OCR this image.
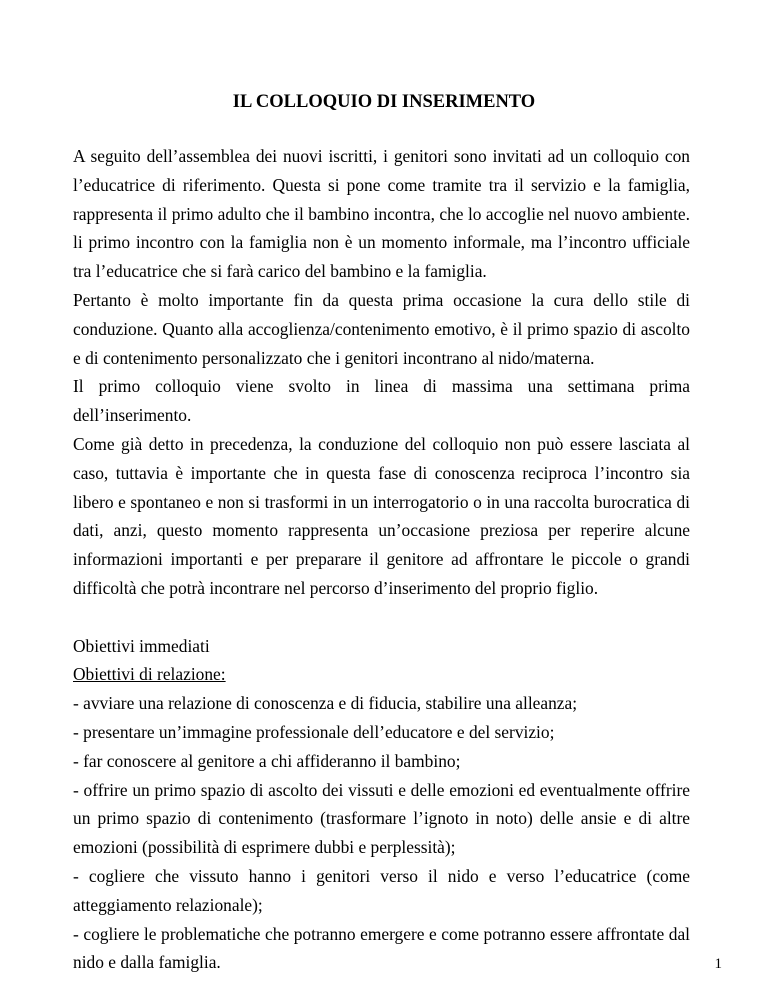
IL COLLOQUIO DI INSERIMENTO

A seguito dell’assemblea dei nuovi iscritti, i genitori sono invitati ad un colloquio con l’educatrice di riferimento. Questa si pone come tramite tra il servizio e la famiglia, rappresenta il primo adulto che il bambino incontra, che lo accoglie nel nuovo ambiente. li primo incontro con la famiglia non è un momento informale, ma l’incontro ufficiale tra l’educatrice che si farà carico del bambino e la famiglia.

Pertanto è molto importante fin da questa prima occasione la cura dello stile di conduzione. Quanto alla accoglienza/contenimento emotivo, è il primo spazio di ascolto e di contenimento personalizzato che i genitori incontrano al nido/materna.

Il primo colloquio viene svolto in linea di massima una settimana prima dell’inserimento.

Come già detto in precedenza, la conduzione del colloquio non può essere lasciata al caso, tuttavia è importante che in questa fase di conoscenza reciproca l’incontro sia libero e spontaneo e non si trasformi in un interrogatorio o in una raccolta burocratica di dati, anzi, questo momento rappresenta un’occasione preziosa per reperire alcune informazioni importanti e per preparare il genitore ad affrontare le piccole o grandi difficoltà che potrà incontrare nel percorso d’inserimento del proprio figlio.

Obiettivi immediati

Obiettivi di relazione:

- avviare una relazione di conoscenza e di fiducia, stabilire una alleanza;

- presentare un’immagine professionale dell’educatore e del servizio;

- far conoscere al genitore a chi affideranno il bambino;

- offrire un primo spazio di ascolto dei vissuti e delle emozioni ed eventualmente offrire un primo spazio di contenimento (trasformare l’ignoto in noto) delle ansie e di altre emozioni (possibilità di esprimere dubbi e perplessità);

- cogliere che vissuto hanno i genitori verso il nido e verso l’educatrice (come atteggiamento relazionale);

- cogliere le problematiche che potranno emergere e come potranno essere affrontate dal nido e dalla famiglia.	1
